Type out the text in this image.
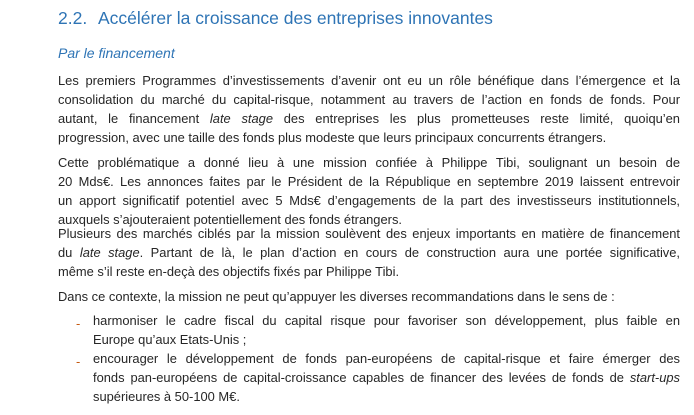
2.2. Accélérer la croissance des entreprises innovantes
Par le financement
Les premiers Programmes d’investissements d’avenir ont eu un rôle bénéfique dans l’émergence et la
consolidation du marché du capital-risque, notamment au travers de l’action en fonds de fonds. Pour
autant, le financement late stage des entreprises les plus prometteuses reste limité, quoiqu’en
progression, avec une taille des fonds plus modeste que leurs principaux concurrents étrangers.
Cette problématique a donné lieu à une mission confiée à Philippe Tibi, soulignant un besoin de
20 Mds€. Les annonces faites par le Président de la République en septembre 2019 laissent entrevoir
un apport significatif potentiel avec 5 Mds€ d’engagements de la part des investisseurs institutionnels,
auxquels s’ajouteraient potentiellement des fonds étrangers.
Plusieurs des marchés ciblés par la mission soulèvent des enjeux importants en matière de financement
du late stage. Partant de là, le plan d’action en cours de construction aura une portée significative,
même s’il reste en-deçà des objectifs fixés par Philippe Tibi.
Dans ce contexte, la mission ne peut qu’appuyer les diverses recommandations dans le sens de :
- harmoniser le cadre fiscal du capital risque pour favoriser son développement, plus faible en
Europe qu’aux Etats-Unis ;
- encourager le développement de fonds pan-européens de capital-risque et faire émerger des
fonds pan-européens de capital-croissance capables de financer des levées de fonds de start-ups
supérieures à 50-100 M€.
